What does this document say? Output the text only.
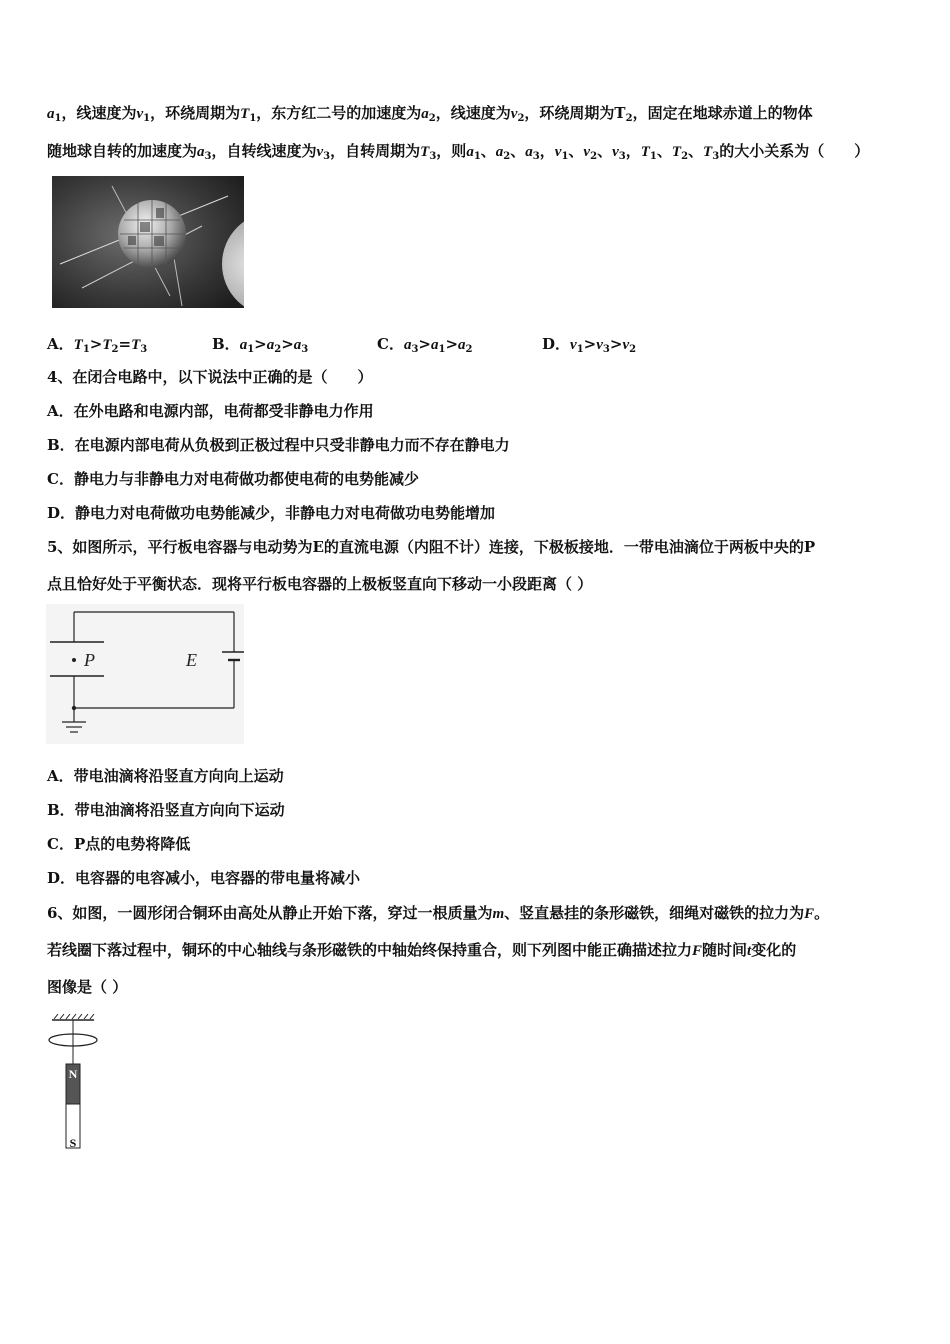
$a_1$，线速度为$v_1$，环绕周期为$T_1$，东方红二号的加速度为$a_2$，线速度为$v_2$，环绕周期为$T_2$，固定在地球赤道上的物体
随地球自转的加速度为$a_3$，自转线速度为$v_3$，自转周期为$T_3$，则$a_1$、$a_2$、$a_3$，$v_1$、$v_2$、$v_3$，$T_1$、$T_2$、$T_3$的大小关系为（　　）
A．$T_1>T_2=T_3$	B．$a_1>a_2>a_3$	C．$a_3>a_1>a_2$	D．$v_1>v_3>v_2$
4、在闭合电路中，以下说法中正确的是（　　）
A．在外电路和电源内部，电荷都受非静电力作用
B．在电源内部电荷从负极到正极过程中只受非静电力而不存在静电力
C．静电力与非静电力对电荷做功都使电荷的电势能减少
D．静电力对电荷做功电势能减少，非静电力对电荷做功电势能增加
5、如图所示，平行板电容器与电动势为E的直流电源（内阻不计）连接，下极板接地．一带电油滴位于两板中央的P
点且恰好处于平衡状态．现将平行板电容器的上极板竖直向下移动一小段距离（ ）
P	E
A．带电油滴将沿竖直方向向上运动
B．带电油滴将沿竖直方向向下运动
C．P点的电势将降低
D．电容器的电容减小，电容器的带电量将减小
6、如图，一圆形闭合铜环由高处从静止开始下落，穿过一根质量为m、竖直悬挂的条形磁铁，细绳对磁铁的拉力为F。
若线圈下落过程中，铜环的中心轴线与条形磁铁的中轴始终保持重合，则下列图中能正确描述拉力F随时间t变化的
图像是（ ）
N
S
